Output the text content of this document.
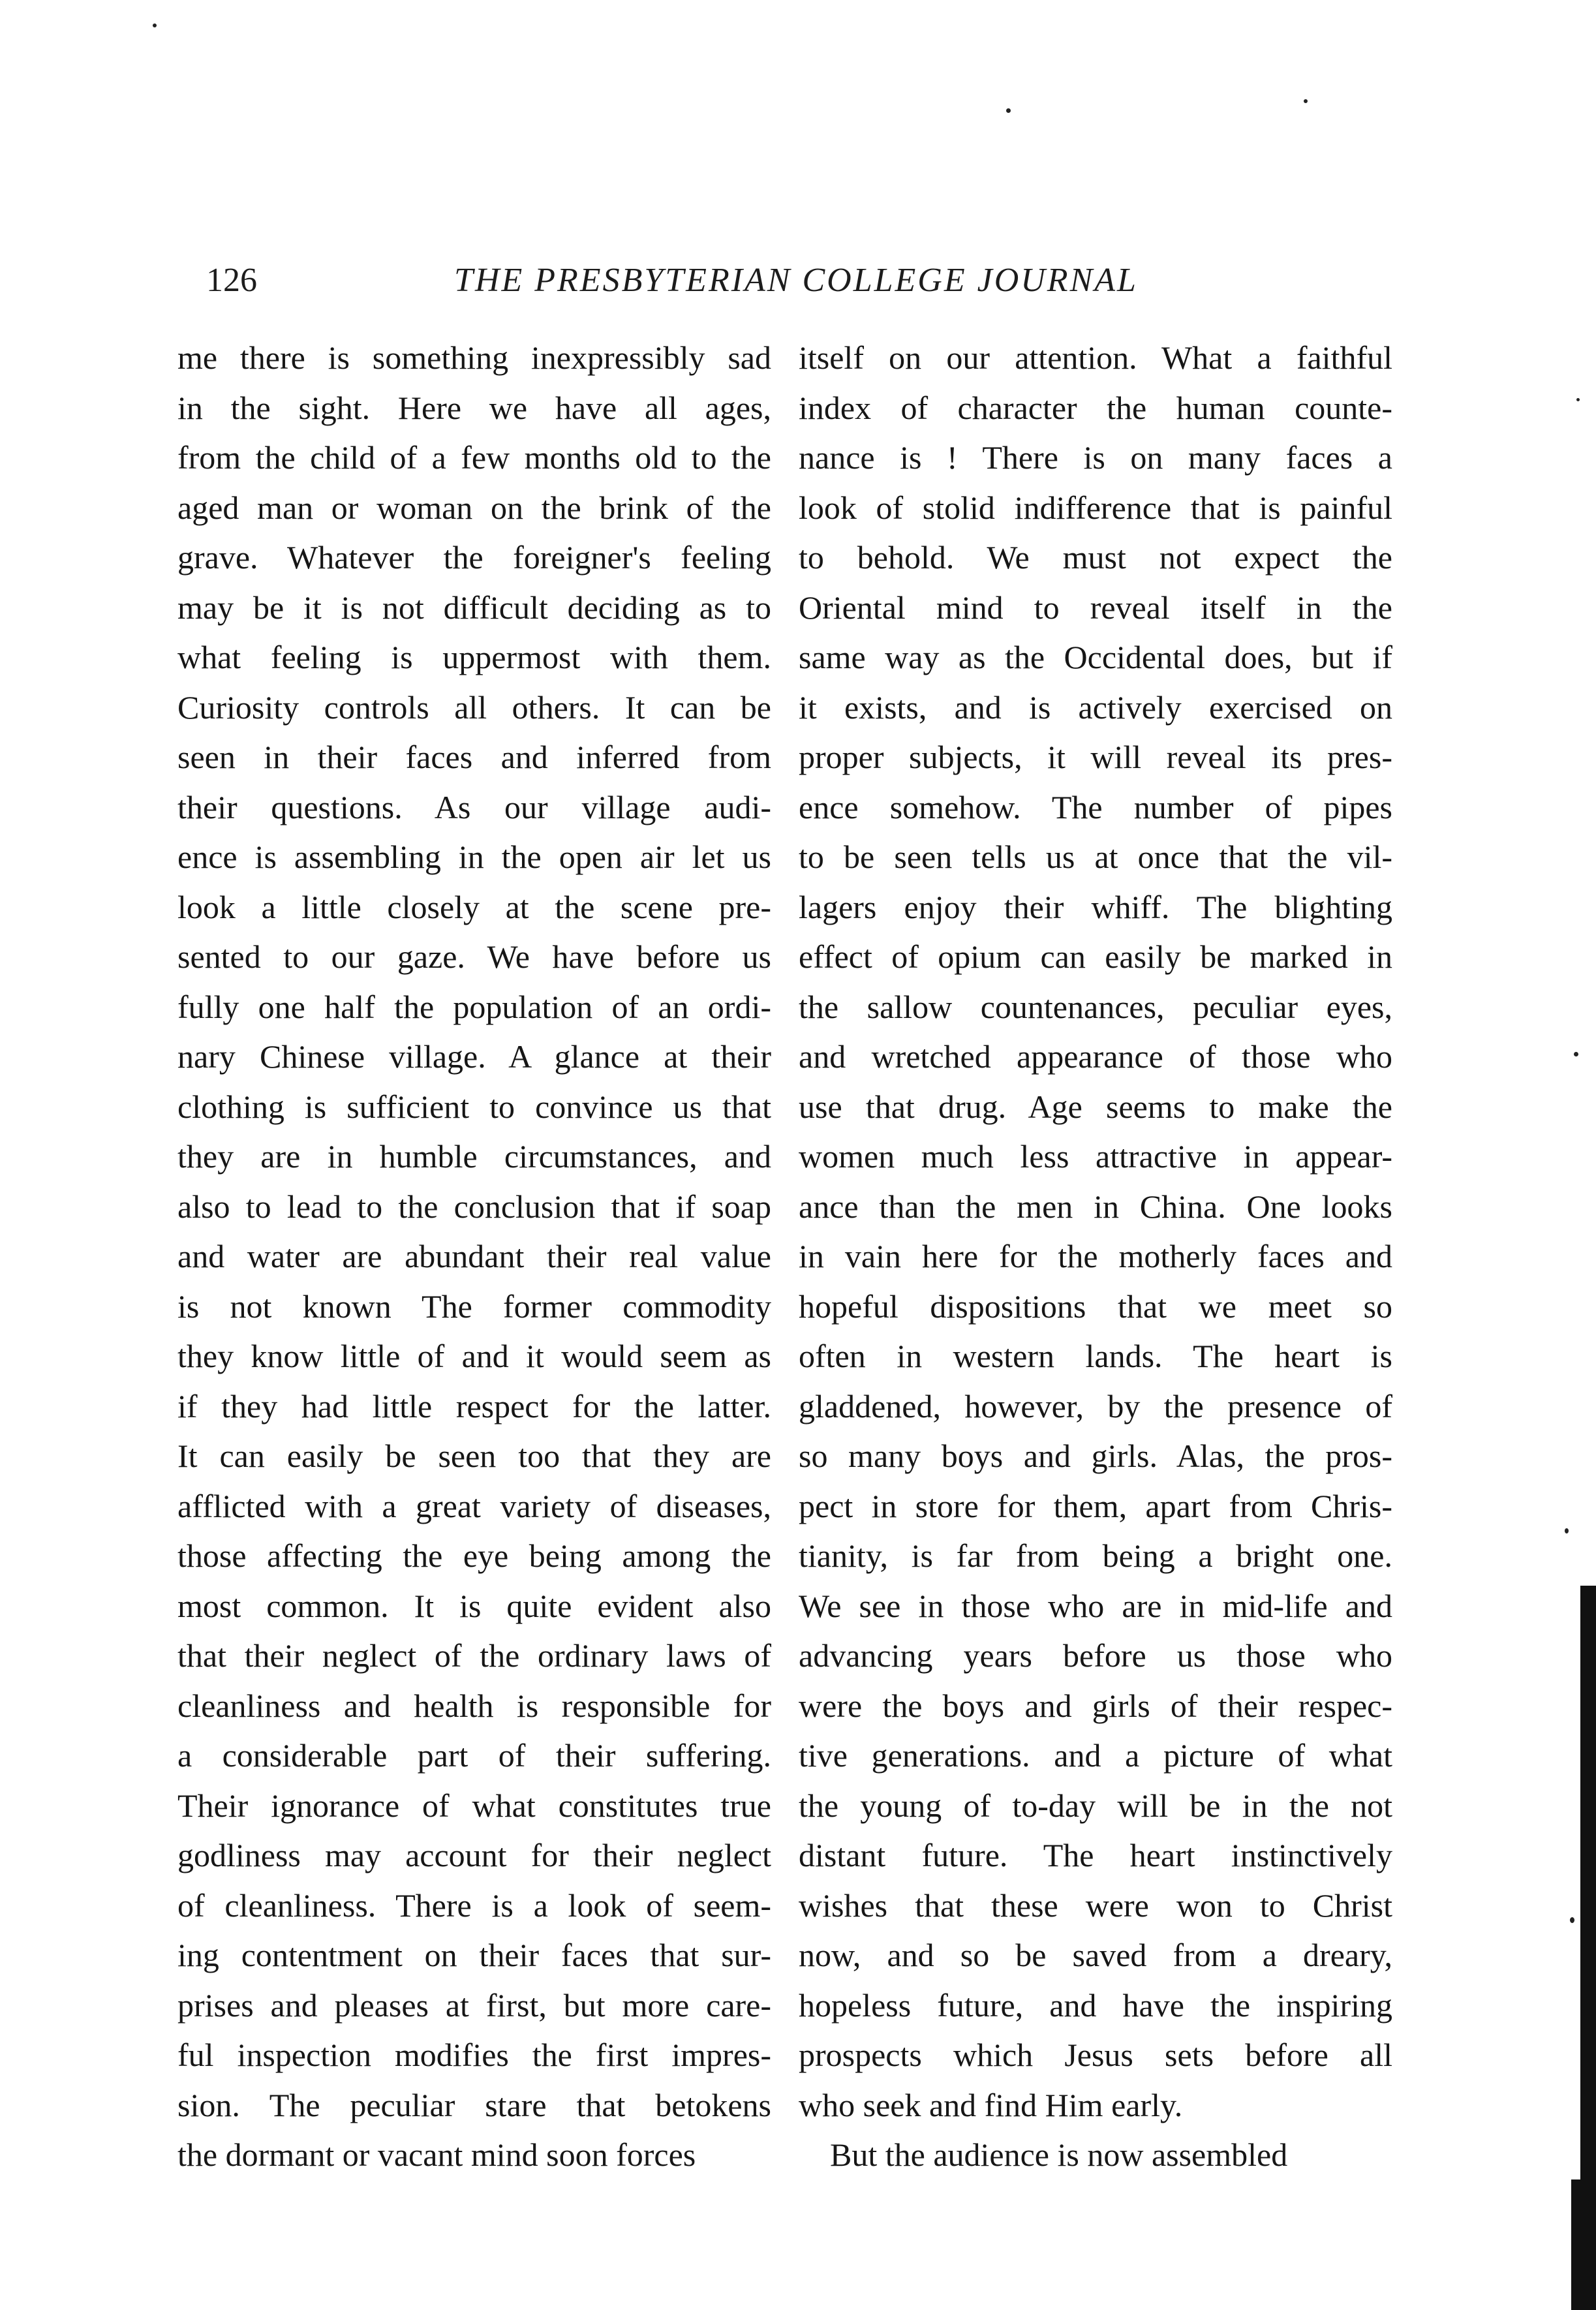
126	THE PRESBYTERIAN COLLEGE JOURNAL
me there is something inexpressibly sad
in the sight. Here we have all ages,
from the child of a few months old to the
aged man or woman on the brink of the
grave. Whatever the foreigner's feeling
may be it is not difficult deciding as to
what feeling is uppermost with them.
Curiosity controls all others. It can be
seen in their faces and inferred from
their questions. As our village audi-
ence is assembling in the open air let us
look a little closely at the scene pre-
sented to our gaze. We have before us
fully one half the population of an ordi-
nary Chinese village. A glance at their
clothing is sufficient to convince us that
they are in humble circumstances, and
also to lead to the conclusion that if soap
and water are abundant their real value
is not known The former commodity
they know little of and it would seem as
if they had little respect for the latter.
It can easily be seen too that they are
afflicted with a great variety of diseases,
those affecting the eye being among the
most common. It is quite evident also
that their neglect of the ordinary laws of
cleanliness and health is responsible for
a considerable part of their suffering.
Their ignorance of what constitutes true
godliness may account for their neglect
of cleanliness. There is a look of seem-
ing contentment on their faces that sur-
prises and pleases at first, but more care-
ful inspection modifies the first impres-
sion. The peculiar stare that betokens
the dormant or vacant mind soon forces
itself on our attention. What a faithful
index of character the human counte-
nance is ! There is on many faces a
look of stolid indifference that is painful
to behold. We must not expect the
Oriental mind to reveal itself in the
same way as the Occidental does, but if
it exists, and is actively exercised on
proper subjects, it will reveal its pres-
ence somehow. The number of pipes
to be seen tells us at once that the vil-
lagers enjoy their whiff. The blighting
effect of opium can easily be marked in
the sallow countenances, peculiar eyes,
and wretched appearance of those who
use that drug. Age seems to make the
women much less attractive in appear-
ance than the men in China. One looks
in vain here for the motherly faces and
hopeful dispositions that we meet so
often in western lands. The heart is
gladdened, however, by the presence of
so many boys and girls. Alas, the pros-
pect in store for them, apart from Chris-
tianity, is far from being a bright one.
We see in those who are in mid-life and
advancing years before us those who
were the boys and girls of their respec-
tive generations. and a picture of what
the young of to-day will be in the not
distant future. The heart instinctively
wishes that these were won to Christ
now, and so be saved from a dreary,
hopeless future, and have the inspiring
prospects which Jesus sets before all
who seek and find Him early.
But the audience is now assembled
